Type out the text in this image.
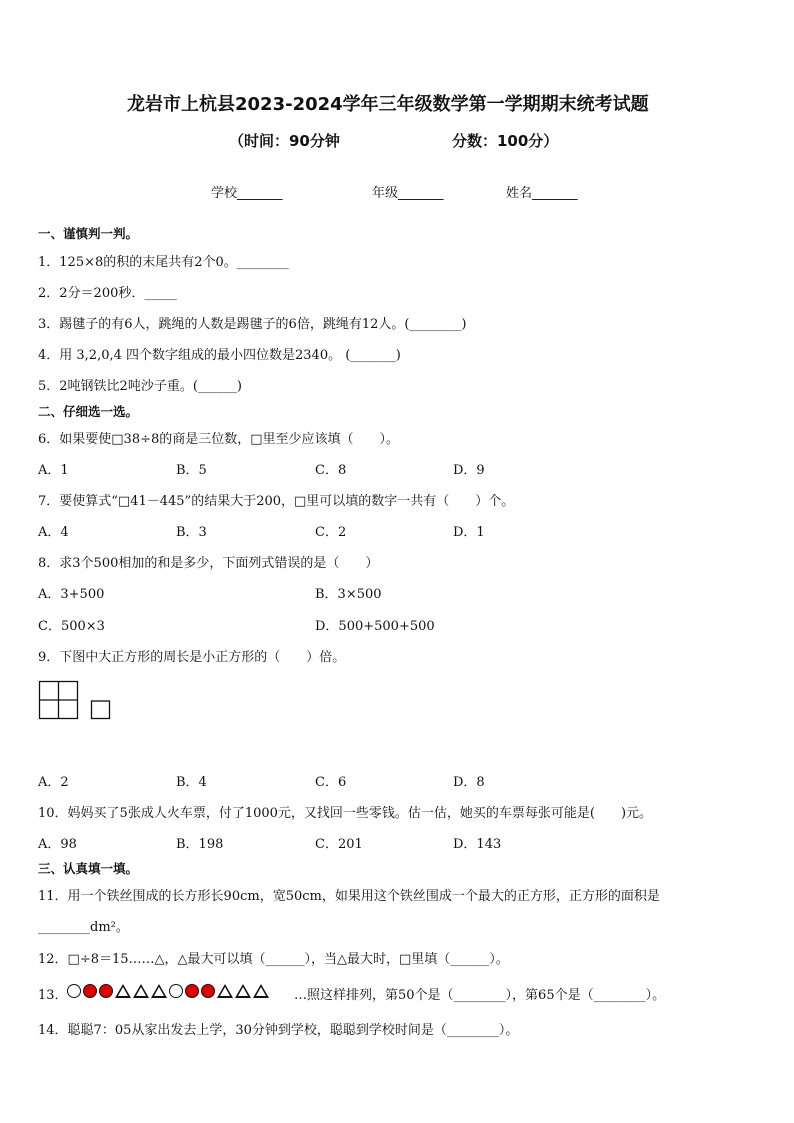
龙岩市上杭县2023-2024学年三年级数学第一学期期末统考试题
（时间：90分钟	分数：100分）
学校_______	年级_______	姓名_______
一、谨慎判一判。
1．125×8的积的末尾共有2个0。________
2．2分＝200秒．_____
3．踢毽子的有6人，跳绳的人数是踢毽子的6倍，跳绳有12人。(________)
4．用 3,2,0,4 四个数字组成的最小四位数是2340。 (_______)
5．2吨钢铁比2吨沙子重。(______)
二、仔细选一选。
6．如果要使□38÷8的商是三位数，□里至少应该填（　　）。
A．1	B．5	C．8	D．9
7．要使算式“□41－445”的结果大于200，□里可以填的数字一共有（　　）个。
A．4	B．3	C．2	D．1
8．求3个500相加的和是多少，下面列式错误的是（　　）
A．3+500	B．3×500
C．500×3	D．500+500+500
9．下图中大正方形的周长是小正方形的（　　）倍。
A．2	B．4	C．6	D．8
10．妈妈买了5张成人火车票，付了1000元，又找回一些零钱。估一估，她买的车票每张可能是(　　)元。
A．98	B．198	C．201	D．143
三、认真填一填。
11．用一个铁丝围成的长方形长90cm，宽50cm，如果用这个铁丝围成一个最大的正方形，正方形的面积是
________dm²。
12．□÷8＝15……△，△最大可以填（______），当△最大时，□里填（______）。
13．	…照这样排列，第50个是（________），第65个是（________）。
14．聪聪7：05从家出发去上学，30分钟到学校，聪聪到学校时间是（________）。
